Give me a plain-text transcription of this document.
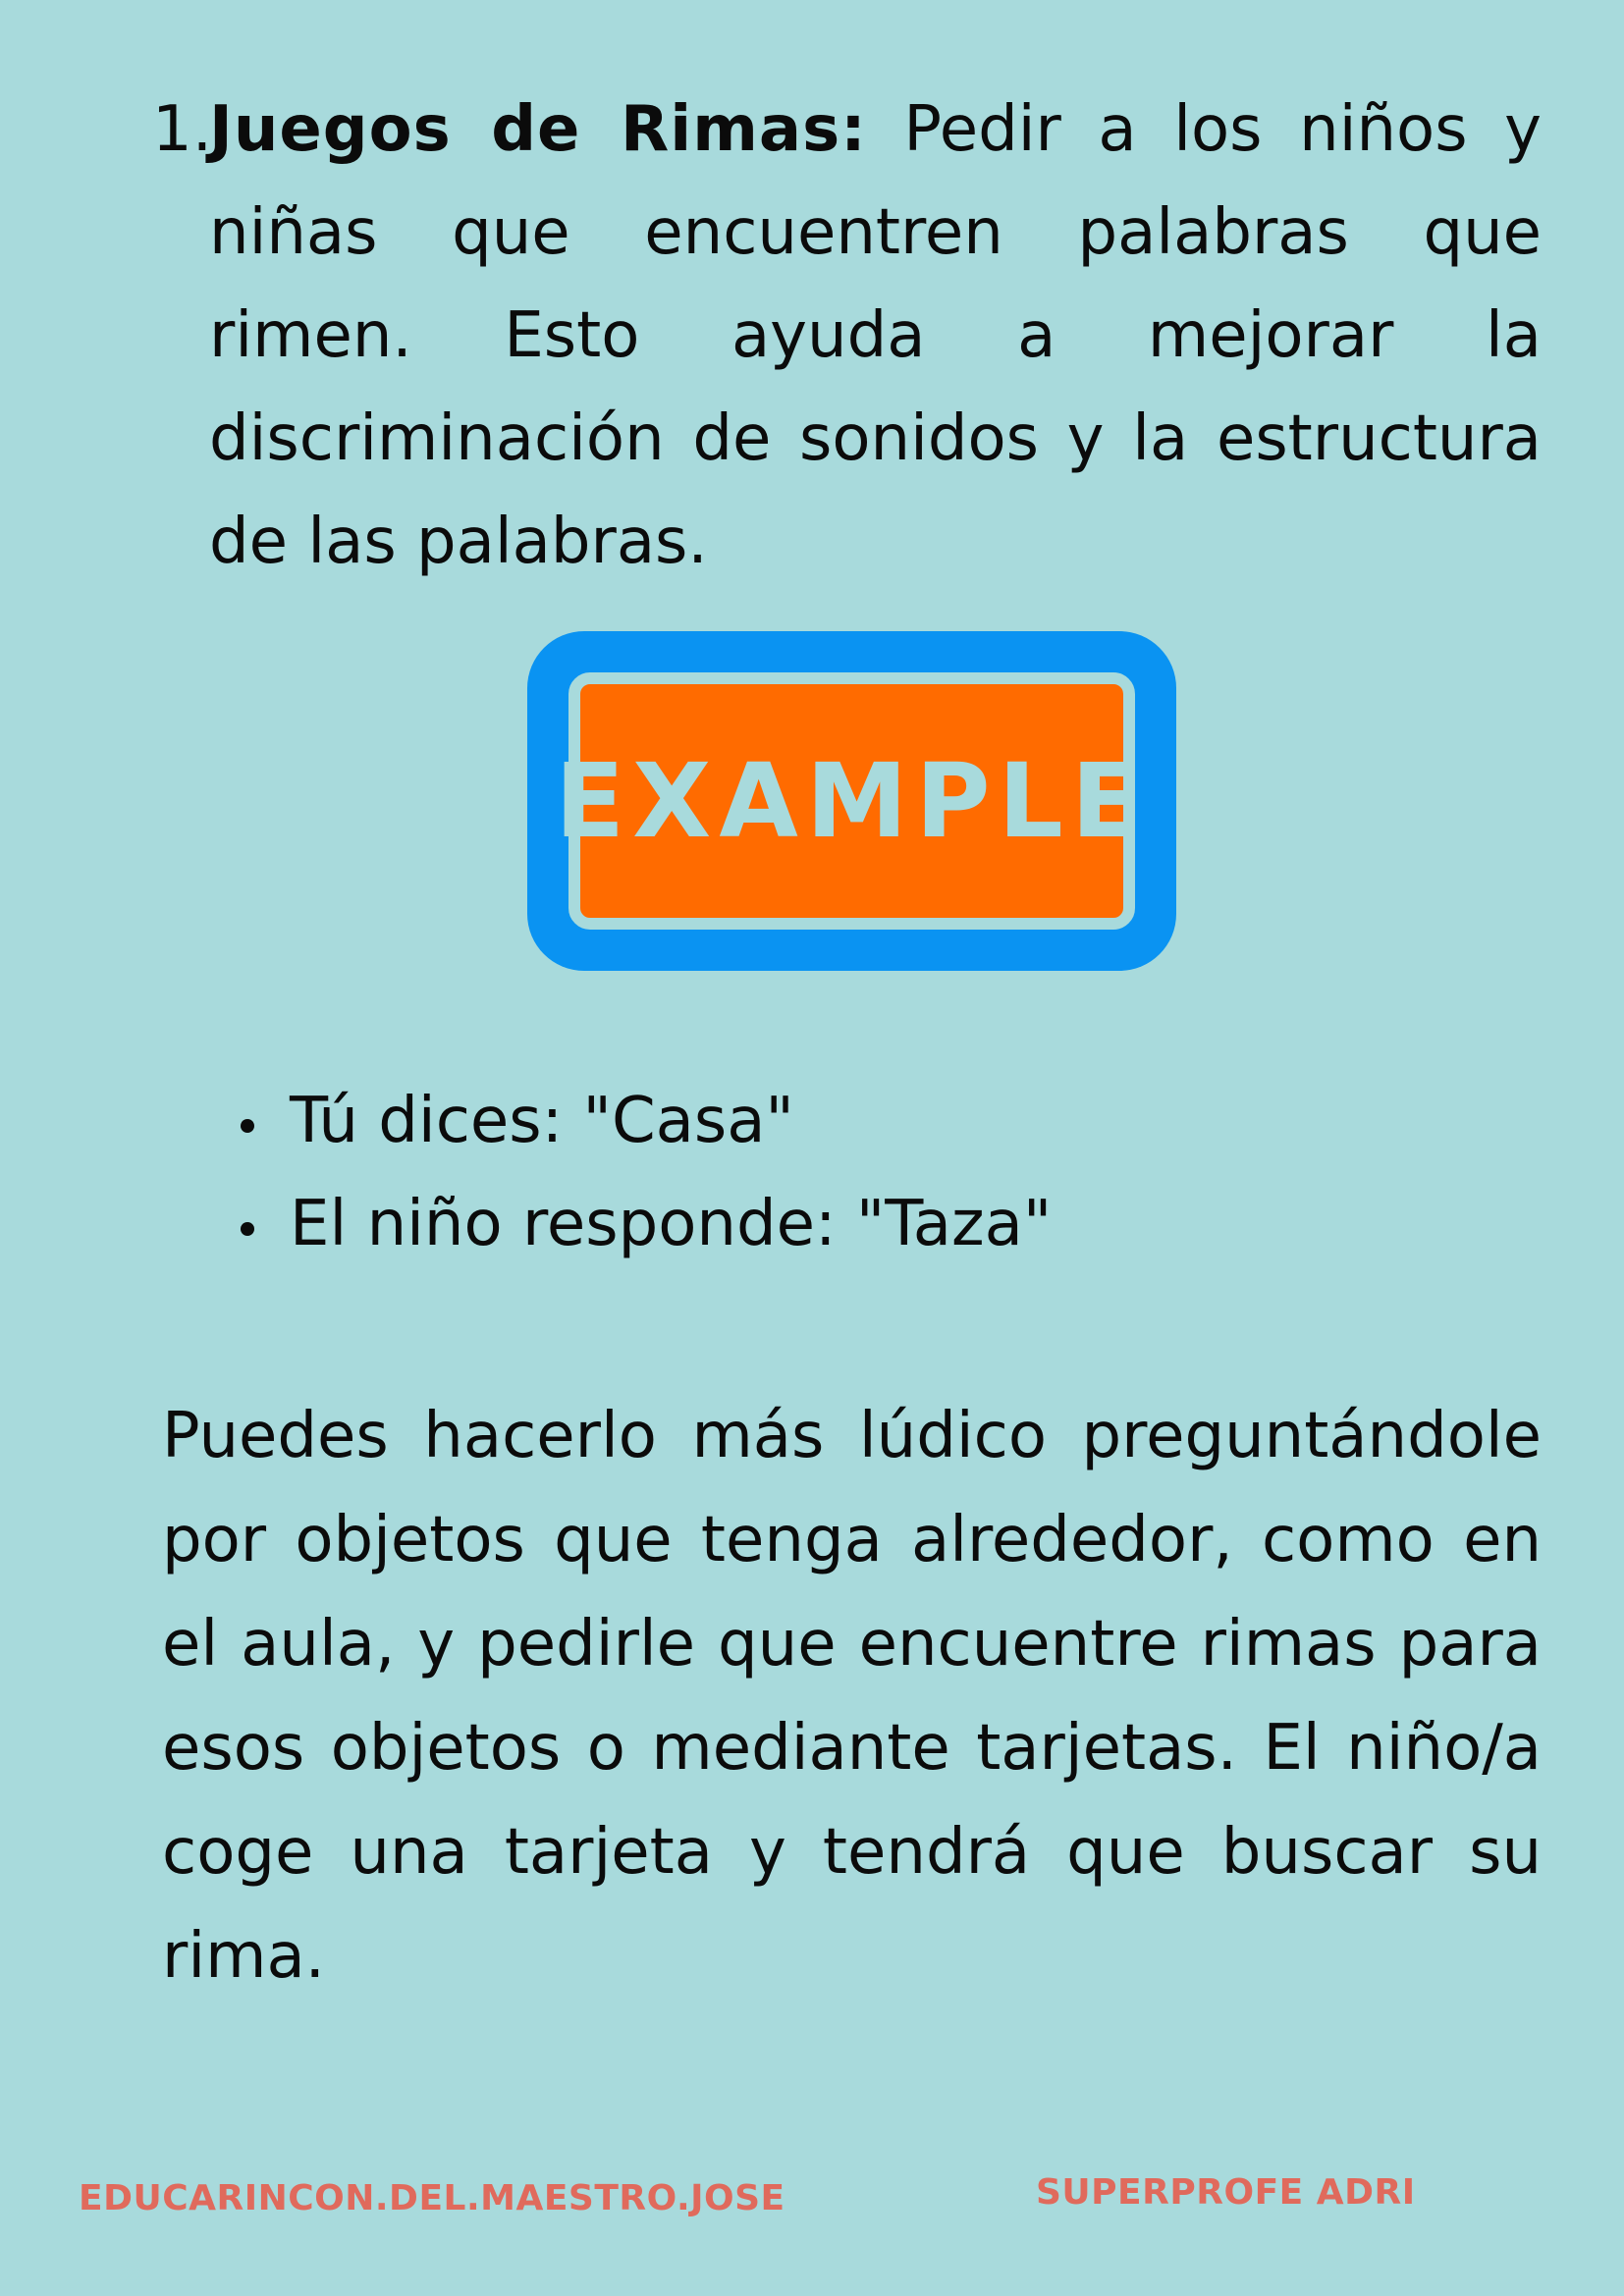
1.
Juegos de Rimas: Pedir a los niños y niñas que encuentren palabras que rimen. Esto ayuda a mejorar la discriminación de sonidos y la estructura de las palabras.
EXAMPLE
Tú dices: "Casa"
El niño responde: "Taza"

Puedes hacerlo más lúdico preguntándole por objetos que tenga alrededor, como en el aula, y pedirle que encuentre rimas para esos objetos o mediante tarjetas. El niño/a coge una tarjeta y tendrá que buscar su rima.

EDUCARINCON.DEL.MAESTRO.JOSE	SUPERPROFE ADRI
